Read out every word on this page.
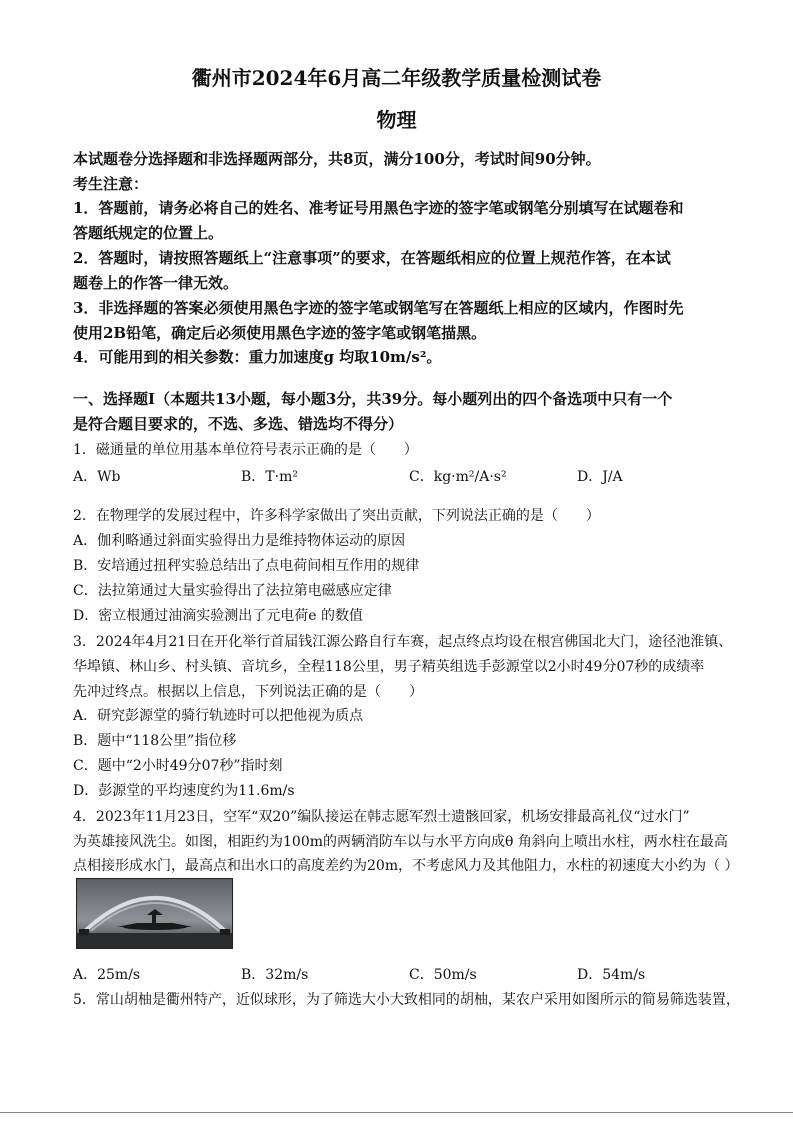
衢州市2024年6月高二年级教学质量检测试卷
物理
本试题卷分选择题和非选择题两部分，共8页，满分100分，考试时间90分钟。
考生注意：
1．答题前，请务必将自己的姓名、准考证号用黑色字迹的签字笔或钢笔分别填写在试题卷和
答题纸规定的位置上。
2．答题时，请按照答题纸上“注意事项”的要求，在答题纸相应的位置上规范作答，在本试
题卷上的作答一律无效。
3．非选择题的答案必须使用黑色字迹的签字笔或钢笔写在答题纸上相应的区域内，作图时先
使用2B铅笔，确定后必须使用黑色字迹的签字笔或钢笔描黑。
4．可能用到的相关参数：重力加速度g 均取10m/s²。
一、选择题Ⅰ（本题共13小题，每小题3分，共39分。每小题列出的四个备选项中只有一个
是符合题目要求的，不选、多选、错选均不得分）
1．磁通量的单位用基本单位符号表示正确的是（　　）
A．Wb	B．T·m²	C．kg·m²/A·s²	D．J/A
2．在物理学的发展过程中，许多科学家做出了突出贡献，下列说法正确的是（　　）
A．伽利略通过斜面实验得出力是维持物体运动的原因
B．安培通过扭秤实验总结出了点电荷间相互作用的规律
C．法拉第通过大量实验得出了法拉第电磁感应定律
D．密立根通过油滴实验测出了元电荷e 的数值
3．2024年4月21日在开化举行首届钱江源公路自行车赛，起点终点均设在根宫佛国北大门，途径池淮镇、
华埠镇、林山乡、村头镇、音坑乡，全程118公里，男子精英组选手彭源堂以2小时49分07秒的成绩率
先冲过终点。根据以上信息，下列说法正确的是（　　）
A．研究彭源堂的骑行轨迹时可以把他视为质点
B．题中“118公里”指位移
C．题中“2小时49分07秒”指时刻
D．彭源堂的平均速度约为11.6m/s
4．2023年11月23日，空军“双20”编队接运在韩志愿军烈士遗骸回家，机场安排最高礼仪“过水门”
为英雄接风洗尘。如图，相距约为100m的两辆消防车以与水平方向成θ 角斜向上喷出水柱，两水柱在最高
点相接形成水门，最高点和出水口的高度差约为20m，不考虑风力及其他阻力，水柱的初速度大小约为（ ）
A．25m/s	B．32m/s	C．50m/s	D．54m/s
5．常山胡柚是衢州特产，近似球形，为了筛选大小大致相同的胡柚，某农户采用如图所示的简易筛选装置，
